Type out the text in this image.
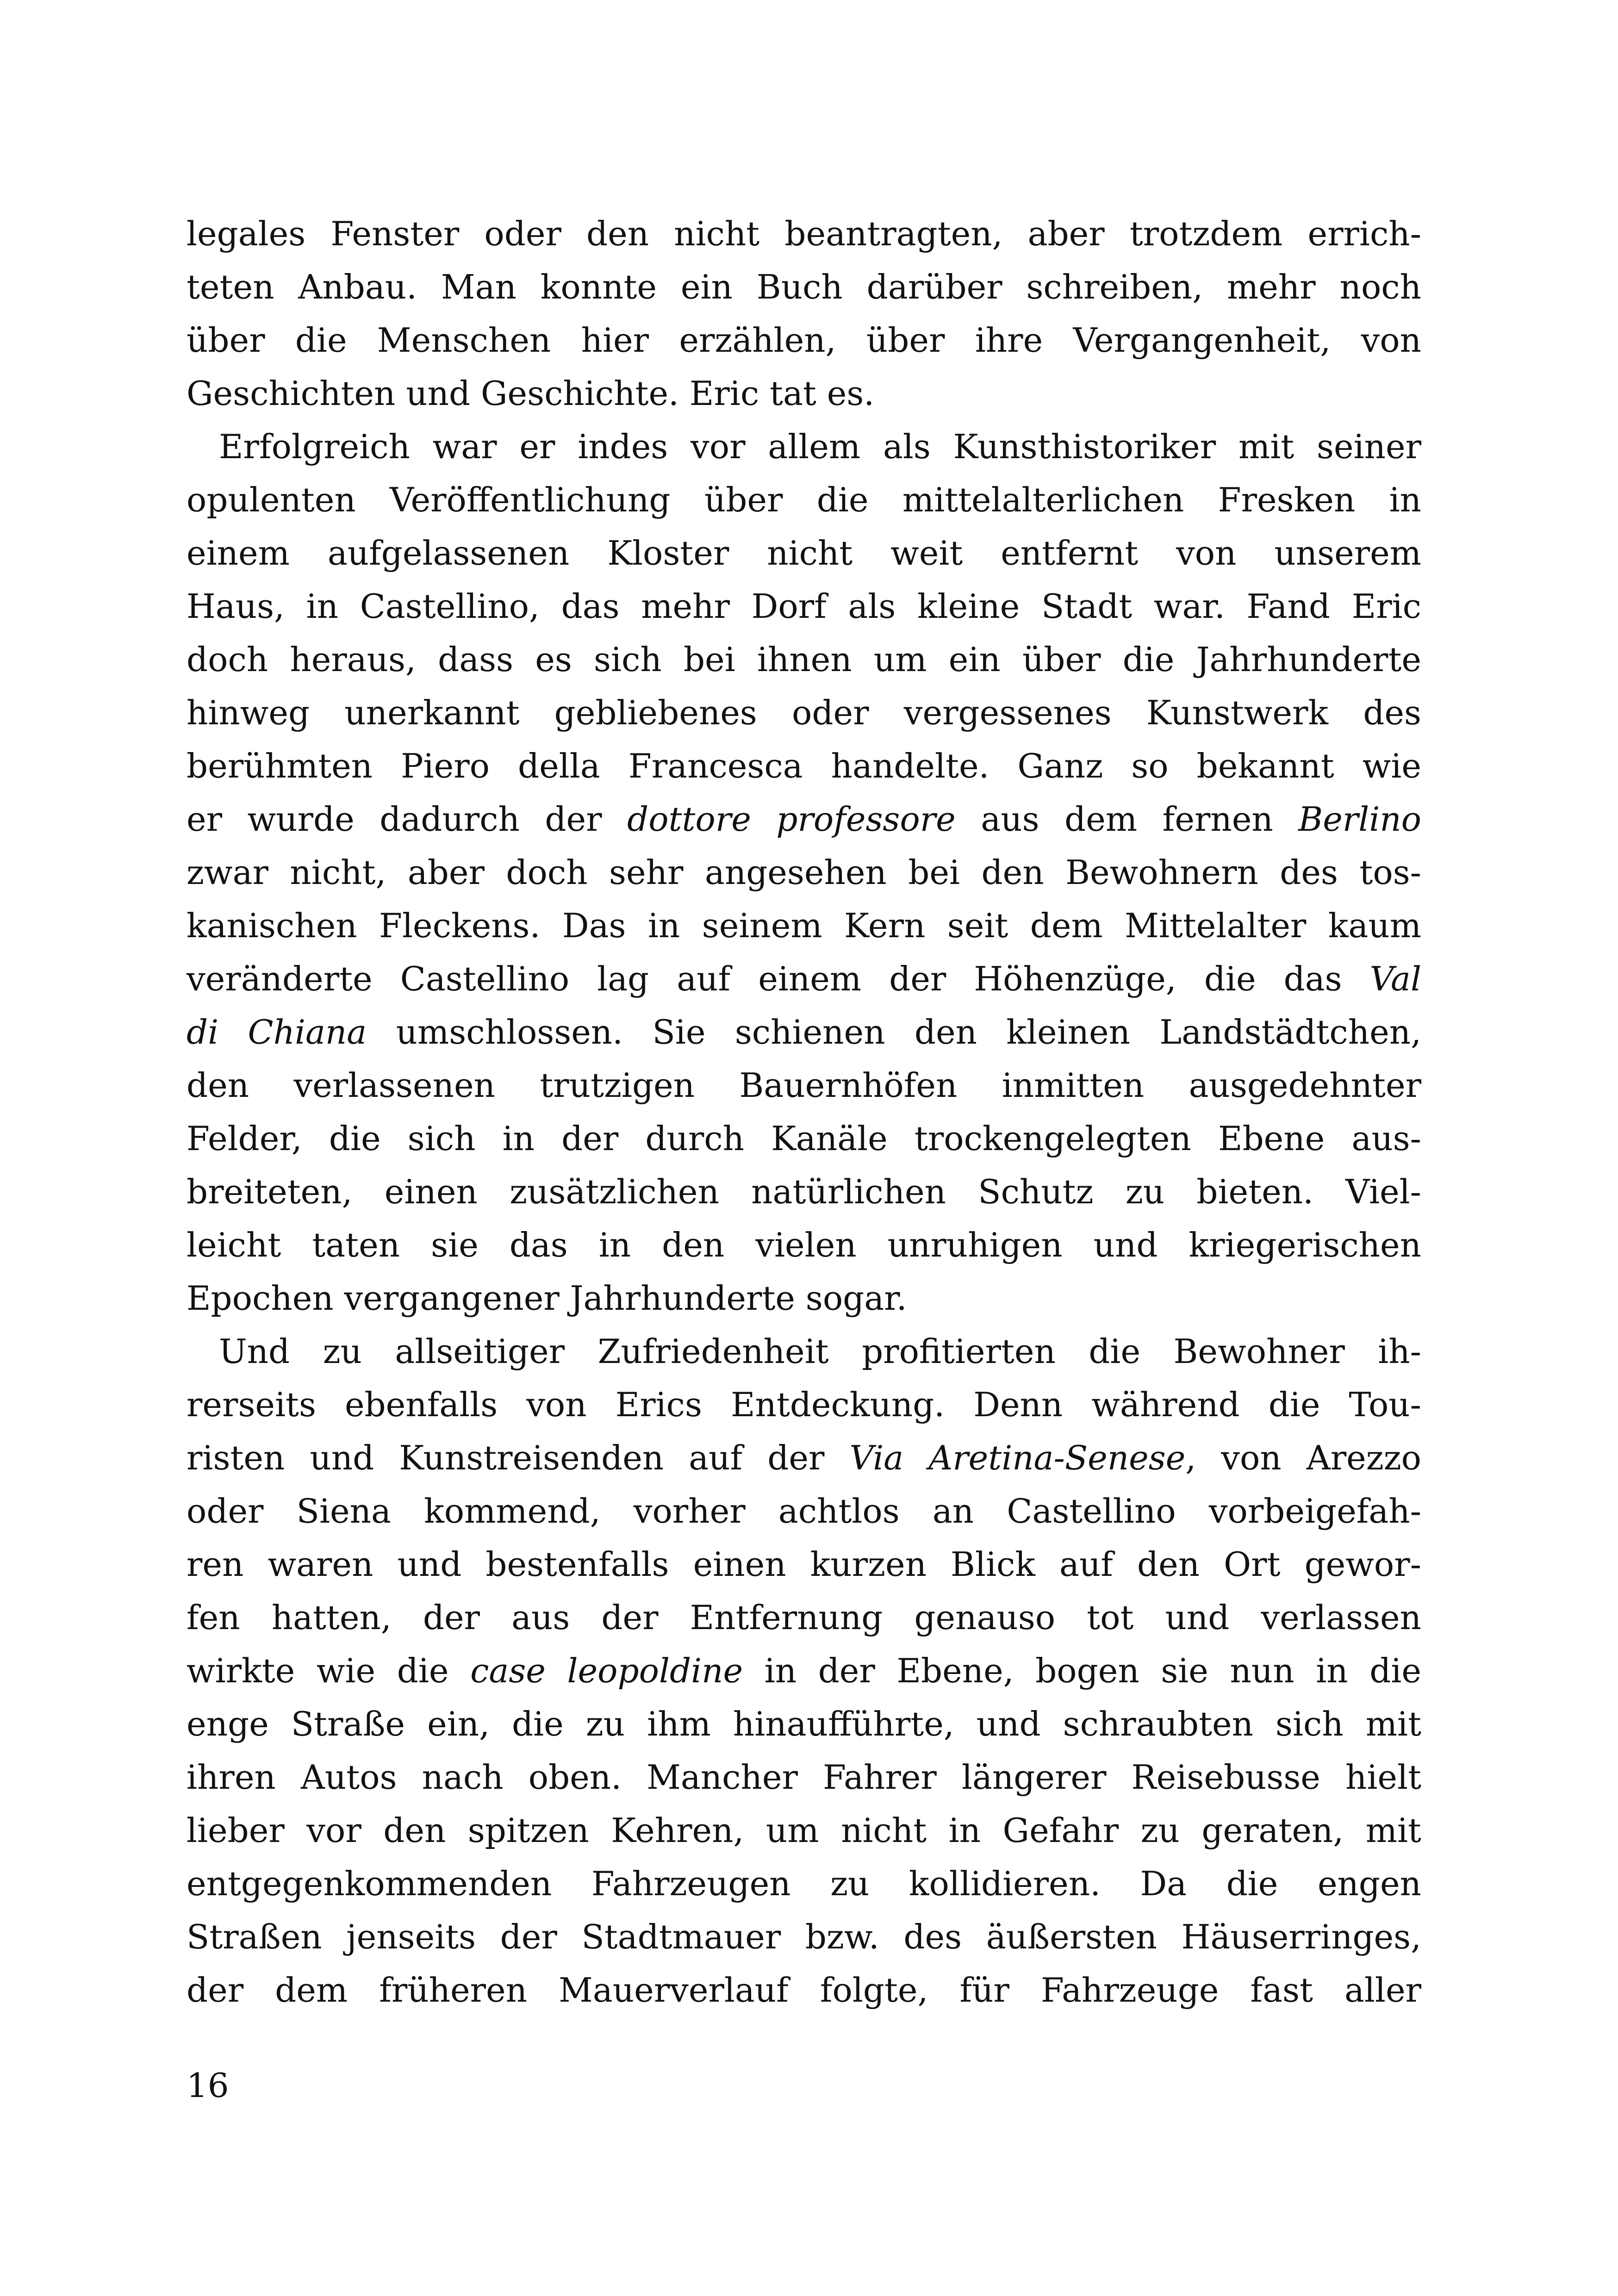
legales Fenster oder den nicht beantragten, aber trotzdem errich-
teten Anbau. Man konnte ein Buch darüber schreiben, mehr noch
über die Menschen hier erzählen, über ihre Vergangenheit, von
Geschichten und Geschichte. Eric tat es.
Erfolgreich war er indes vor allem als Kunsthistoriker mit seiner
opulenten Veröffentlichung über die mittelalterlichen Fresken in
einem aufgelassenen Kloster nicht weit entfernt von unserem
Haus, in Castellino, das mehr Dorf als kleine Stadt war. Fand Eric
doch heraus, dass es sich bei ihnen um ein über die Jahrhunderte
hinweg unerkannt gebliebenes oder vergessenes Kunstwerk des
berühmten Piero della Francesca handelte. Ganz so bekannt wie
er wurde dadurch der dottore professore aus dem fernen Berlino
zwar nicht, aber doch sehr angesehen bei den Bewohnern des tos-
kanischen Fleckens. Das in seinem Kern seit dem Mittelalter kaum
veränderte Castellino lag auf einem der Höhenzüge, die das Val
di Chiana umschlossen. Sie schienen den kleinen Landstädtchen,
den verlassenen trutzigen Bauernhöfen inmitten ausgedehnter
Felder, die sich in der durch Kanäle trockengelegten Ebene aus-
breiteten, einen zusätzlichen natürlichen Schutz zu bieten. Viel-
leicht taten sie das in den vielen unruhigen und kriegerischen
Epochen vergangener Jahrhunderte sogar.
Und zu allseitiger Zufriedenheit profitierten die Bewohner ih-
rerseits ebenfalls von Erics Entdeckung. Denn während die Tou-
risten und Kunstreisenden auf der Via Aretina-Senese, von Arezzo
oder Siena kommend, vorher achtlos an Castellino vorbeigefah-
ren waren und bestenfalls einen kurzen Blick auf den Ort gewor-
fen hatten, der aus der Entfernung genauso tot und verlassen
wirkte wie die case leopoldine in der Ebene, bogen sie nun in die
enge Straße ein, die zu ihm hinaufführte, und schraubten sich mit
ihren Autos nach oben. Mancher Fahrer längerer Reisebusse hielt
lieber vor den spitzen Kehren, um nicht in Gefahr zu geraten, mit
entgegenkommenden Fahrzeugen zu kollidieren. Da die engen
Straßen jenseits der Stadtmauer bzw. des äußersten Häuserringes,
der dem früheren Mauerverlauf folgte, für Fahrzeuge fast aller
16
